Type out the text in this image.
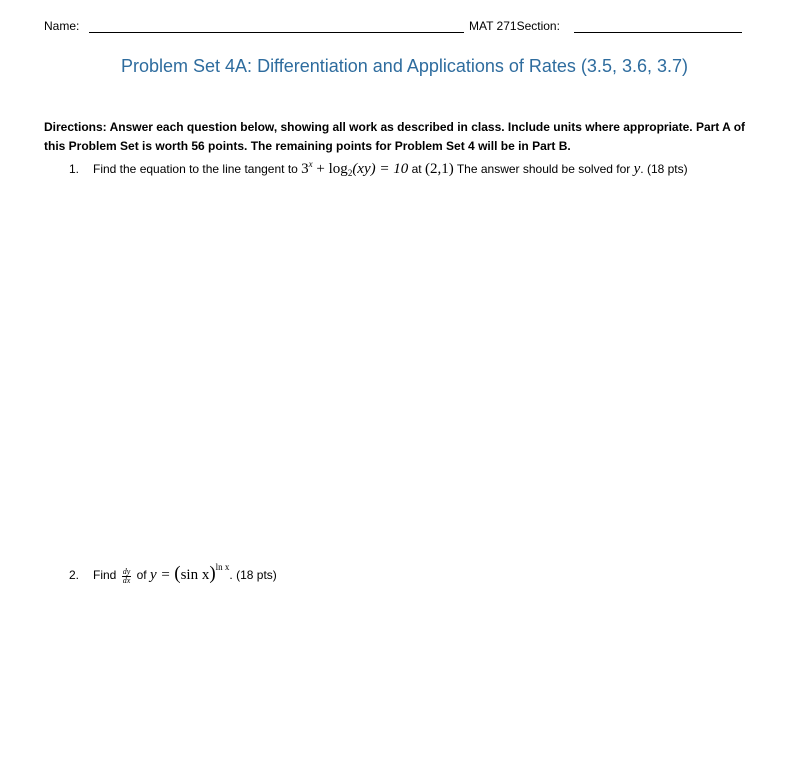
Name:	MAT 271Section:
Problem Set 4A: Differentiation and Applications of Rates (3.5, 3.6, 3.7)
Directions: Answer each question below, showing all work as described in class. Include units where appropriate. Part A of this Problem Set is worth 56 points. The remaining points for Problem Set 4 will be in Part B.
1. Find the equation to the line tangent to $3^x + \log_2(xy) = 10$ at (2,1) The answer should be solved for y. (18 pts)
2. Find $\frac{dy}{dx}$ of y = (sin x)$^{ln x}$. (18 pts)
